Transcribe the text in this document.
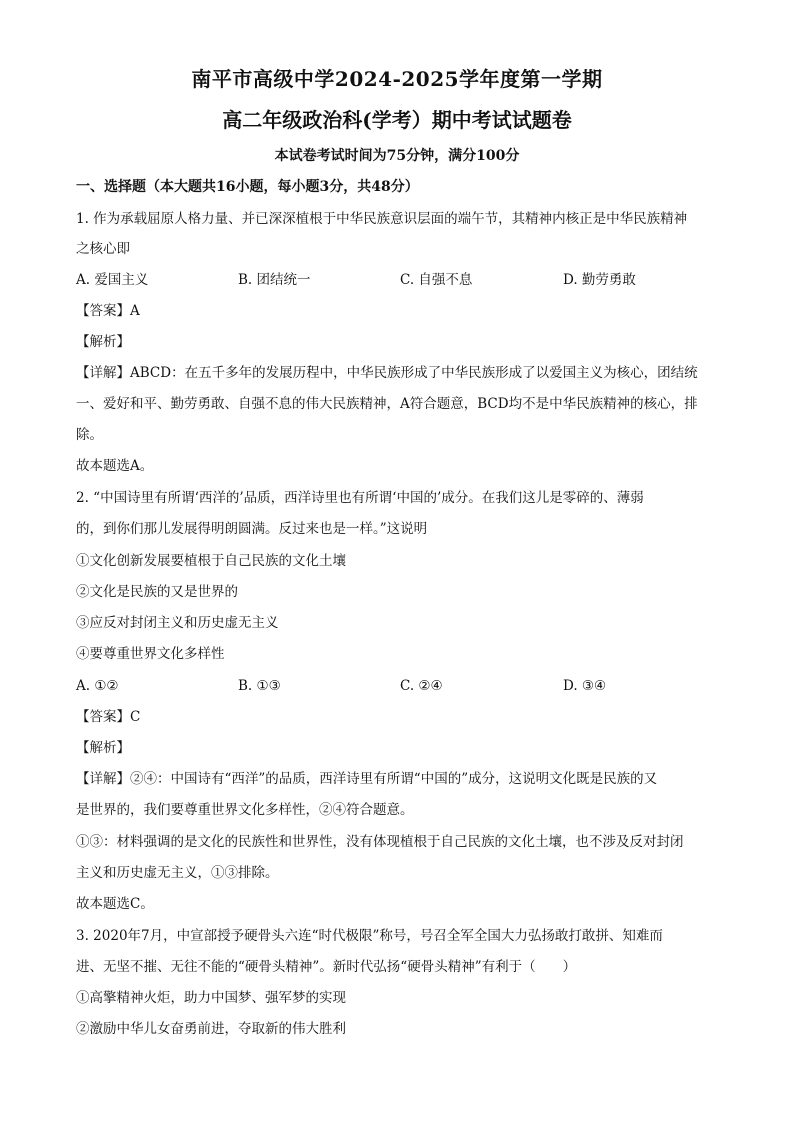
南平市高级中学2024-2025学年度第一学期
高二年级政治科(学考）期中考试试题卷
本试卷考试时间为75分钟，满分100分
一、选择题（本大题共16小题，每小题3分，共48分）
1. 作为承载屈原人格力量、并已深深植根于中华民族意识层面的端午节，其精神内核正是中华民族精神
之核心即
A. 爱国主义	B. 团结统一	C. 自强不息	D. 勤劳勇敢
【答案】A
【解析】
【详解】ABCD：在五千多年的发展历程中，中华民族形成了中华民族形成了以爱国主义为核心，团结统
一、爱好和平、勤劳勇敢、自强不息的伟大民族精神，A符合题意，BCD均不是中华民族精神的核心，排
除。
故本题选A。
2. “中国诗里有所谓‘西洋的’品质，西洋诗里也有所谓‘中国的’成分。在我们这儿是零碎的、薄弱
的，到你们那儿发展得明朗圆满。反过来也是一样。”这说明
①文化创新发展要植根于自己民族的文化土壤
②文化是民族的又是世界的
③应反对封闭主义和历史虚无主义
④要尊重世界文化多样性
A. ①②	B. ①③	C. ②④	D. ③④
【答案】C
【解析】
【详解】②④：中国诗有“西洋”的品质，西洋诗里有所谓“中国的”成分，这说明文化既是民族的又
是世界的，我们要尊重世界文化多样性，②④符合题意。
①③：材料强调的是文化的民族性和世界性，没有体现植根于自己民族的文化土壤，也不涉及反对封闭
主义和历史虚无主义，①③排除。
故本题选C。
3. 2020年7月，中宣部授予硬骨头六连“时代极限”称号，号召全军全国大力弘扬敢打敢拼、知难而
进、无坚不摧、无往不能的“硬骨头精神”。新时代弘扬“硬骨头精神”有利于（　　）
①高擎精神火炬，助力中国梦、强军梦的实现
②激励中华儿女奋勇前进，夺取新的伟大胜利
